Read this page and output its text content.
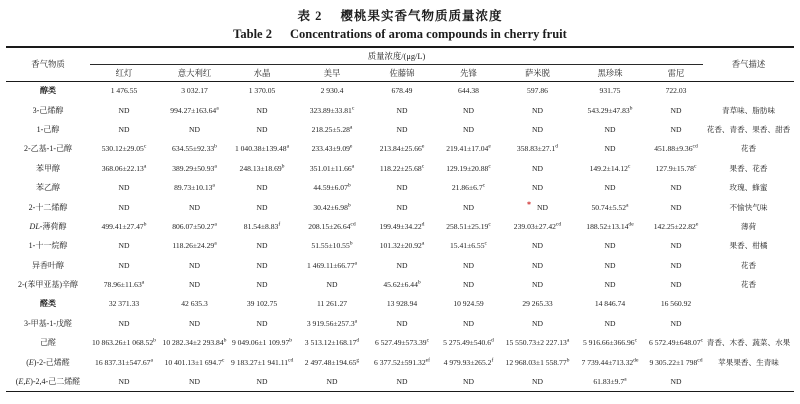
表 2 樱桃果实香气物质质量浓度
Table 2 Concentrations of aroma compounds in cherry fruit
香气物质	质量浓度/(μg/L)									香气描述
	红灯	意大利红	水晶	美早	佐藤锦	先锋	萨米脱	黑珍珠	雷尼	
醇类	1 476.55	3 032.17	1 370.05	2 930.4	678.49	644.38	597.86	931.75	722.03	
3-己烯醇	ND	994.27±163.64$^a$	ND	323.89±33.81$^c$	ND	ND	ND	543.29±47.83$^b$	ND	青草味、脂肪味
1-己醇	ND	ND	ND	218.25±5.28$^a$	ND	ND	ND	ND	ND	花香、青香、果香、甜香
2-乙基-1-己醇	530.12±29.05$^c$	634.55±92.33$^b$	1 040.38±139.48$^a$	233.43±9.09$^e$	213.84±25.66$^e$	219.41±17.04$^e$	358.83±27.1$^d$	ND	451.88±9.36$^{cd}$	花香
苯甲醇	368.06±22.13$^a$	389.29±50.93$^a$	248.13±18.69$^b$	351.01±11.66$^a$	118.22±25.68$^c$	129.19±20.88$^c$	ND	149.2±14.12$^c$	127.9±15.78$^c$	果香、花香
苯乙醇	ND	89.73±10.13$^a$	ND	44.59±6.07$^b$	ND	21.86±6.7$^c$	ND	ND	ND	玫瑰、蜂蜜
2-十二烯醇	ND	ND	ND	30.42±6.98$^b$	ND	ND	* ND	50.74±5.52$^a$	ND	不愉快气味
DL-薄荷醇	499.41±27.47$^b$	806.07±50.27$^a$	81.54±8.83$^f$	208.15±26.64$^{cd}$	199.49±34.22$^d$	258.51±25.19$^c$	239.03±27.42$^{cd}$	188.52±13.14de	142.25±22.82$^e$	薄荷
1-十一烷醇	ND	118.26±24.29$^a$	ND	51.55±10.55$^b$	101.32±20.92$^a$	15.41±6.55$^c$	ND	ND	ND	果香、柑橘
异香叶醇	ND	ND	ND	1 469.11±66.77$^a$	ND	ND	ND	ND	ND	花香
2-(苯甲亚基)辛醇	78.96±11.63$^a$	ND	ND	ND	45.62±6.44$^b$	ND	ND	ND	ND	花香
醛类	32 371.33	42 635.3	39 102.75	11 261.27	13 928.94	10 924.59	29 265.33	14 846.74	16 560.92	
3-甲基-1-戊醛	ND	ND	ND	3 919.56±257.3$^a$	ND	ND	ND	ND	ND	
己醛	10 863.26±1 068.52$^b$	10 282.34±2 293.84$^b$	9 049.06±1 109.97$^b$	3 513.12±168.17$^d$	6 527.49±573.39$^c$	5 275.49±540.6$^d$	15 550.73±2 227.13$^a$	5 916.66±366.96$^c$	6 572.49±648.07$^c$	青香、木香、蔬菜、水果
(E)-2-己烯醛	16 837.31±547.67$^a$	10 401.13±1 694.7$^c$	9 183.27±1 941.11$^{cd}$	2 497.48±194.65$^g$	6 377.52±591.32$^{ef}$	4 979.93±265.2$^f$	12 968.03±1 558.77$^b$	7 739.44±713.32de	9 305.22±1 $798^{cd}$	苹果果香、生青味
(E,E)-2,4-己二烯醛	ND	ND	ND	ND	ND	ND	ND	61.83±9.7$^a$	ND	
